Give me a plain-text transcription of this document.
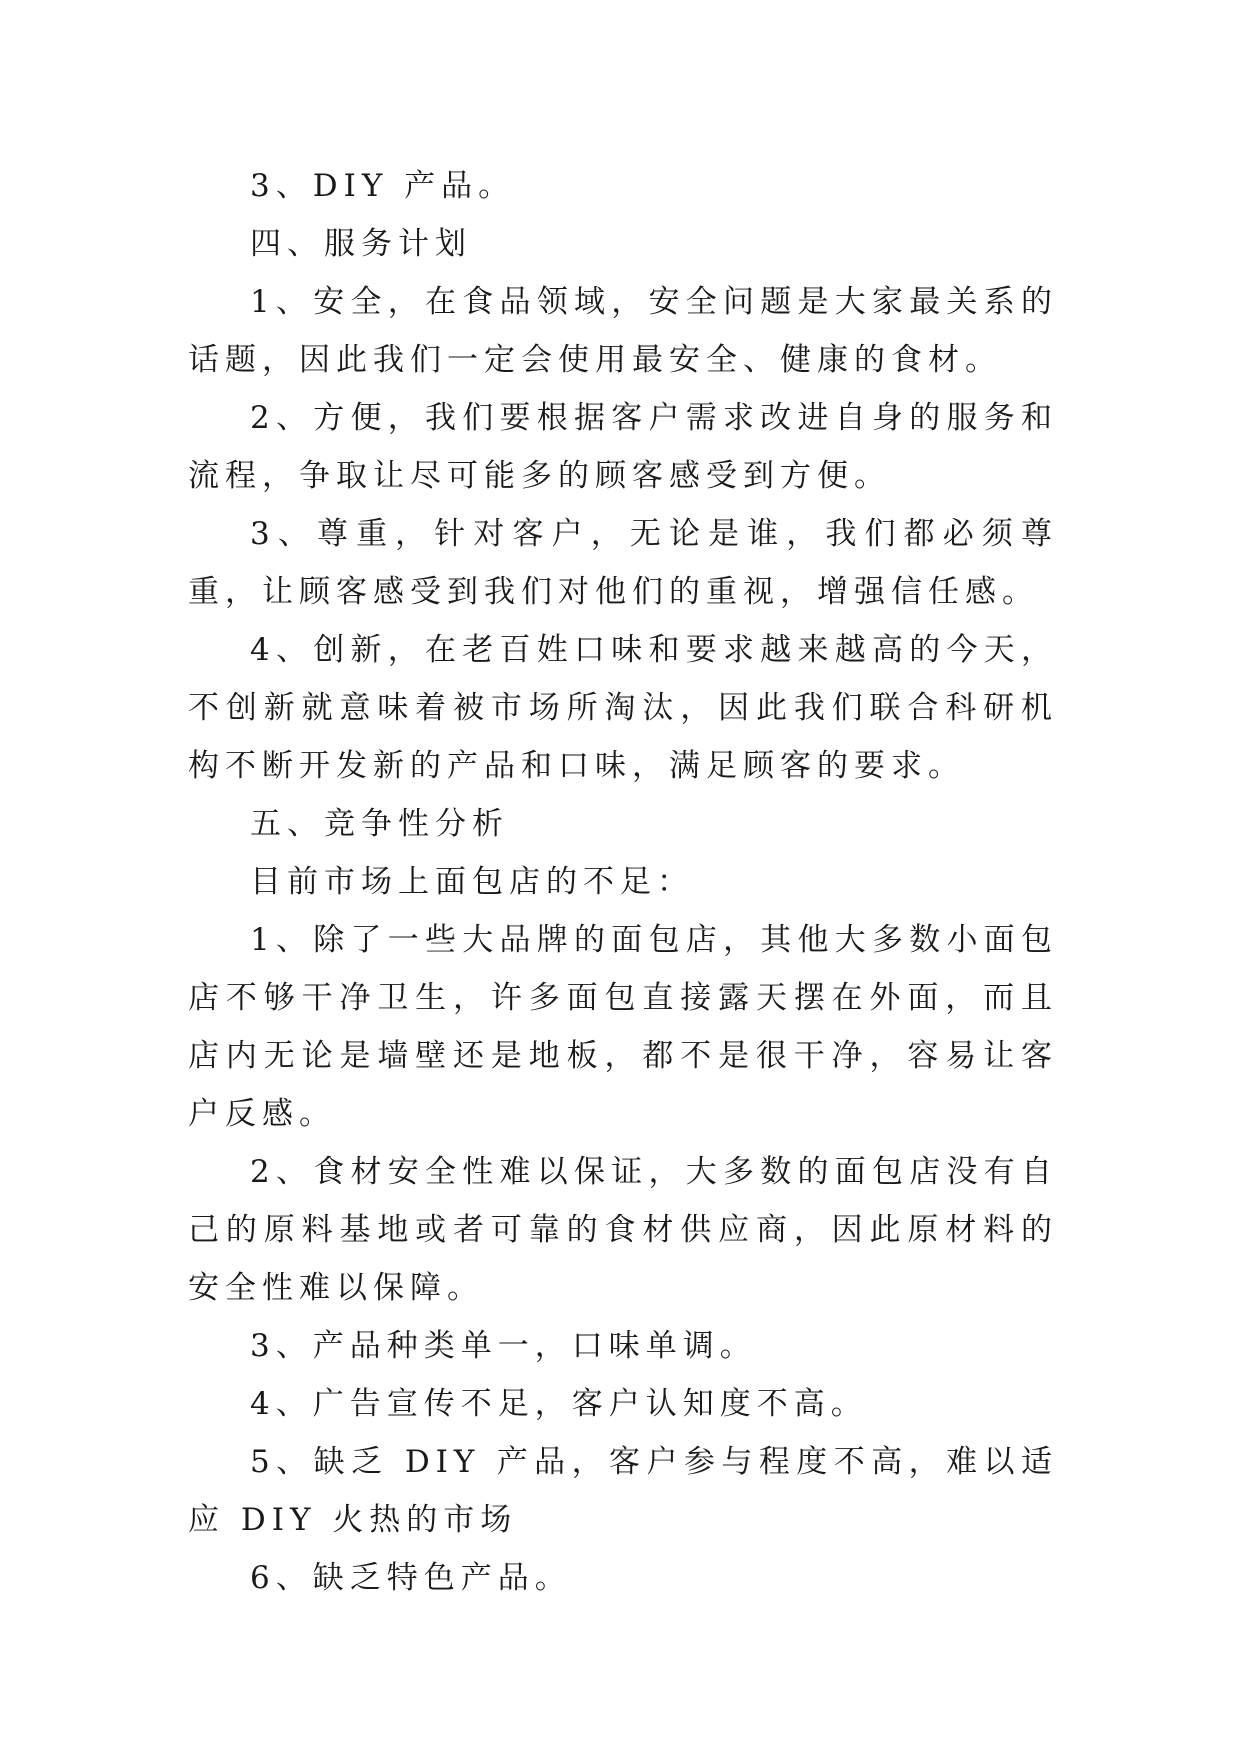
3、DIY 产品。

四、服务计划

1、安全，在食品领域，安全问题是大家最关系的话题，因此我们一定会使用最安全、健康的食材。

2、方便，我们要根据客户需求改进自身的服务和流程，争取让尽可能多的顾客感受到方便。

3、尊重，针对客户，无论是谁，我们都必须尊重，让顾客感受到我们对他们的重视，增强信任感。

4、创新，在老百姓口味和要求越来越高的今天，不创新就意味着被市场所淘汰，因此我们联合科研机构不断开发新的产品和口味，满足顾客的要求。

五、竞争性分析

目前市场上面包店的不足：

1、除了一些大品牌的面包店，其他大多数小面包店不够干净卫生，许多面包直接露天摆在外面，而且店内无论是墙壁还是地板，都不是很干净，容易让客户反感。

2、食材安全性难以保证，大多数的面包店没有自己的原料基地或者可靠的食材供应商，因此原材料的安全性难以保障。

3、产品种类单一，口味单调。

4、广告宣传不足，客户认知度不高。

5、缺乏 DIY 产品，客户参与程度不高，难以适应 DIY 火热的市场

6、缺乏特色产品。
